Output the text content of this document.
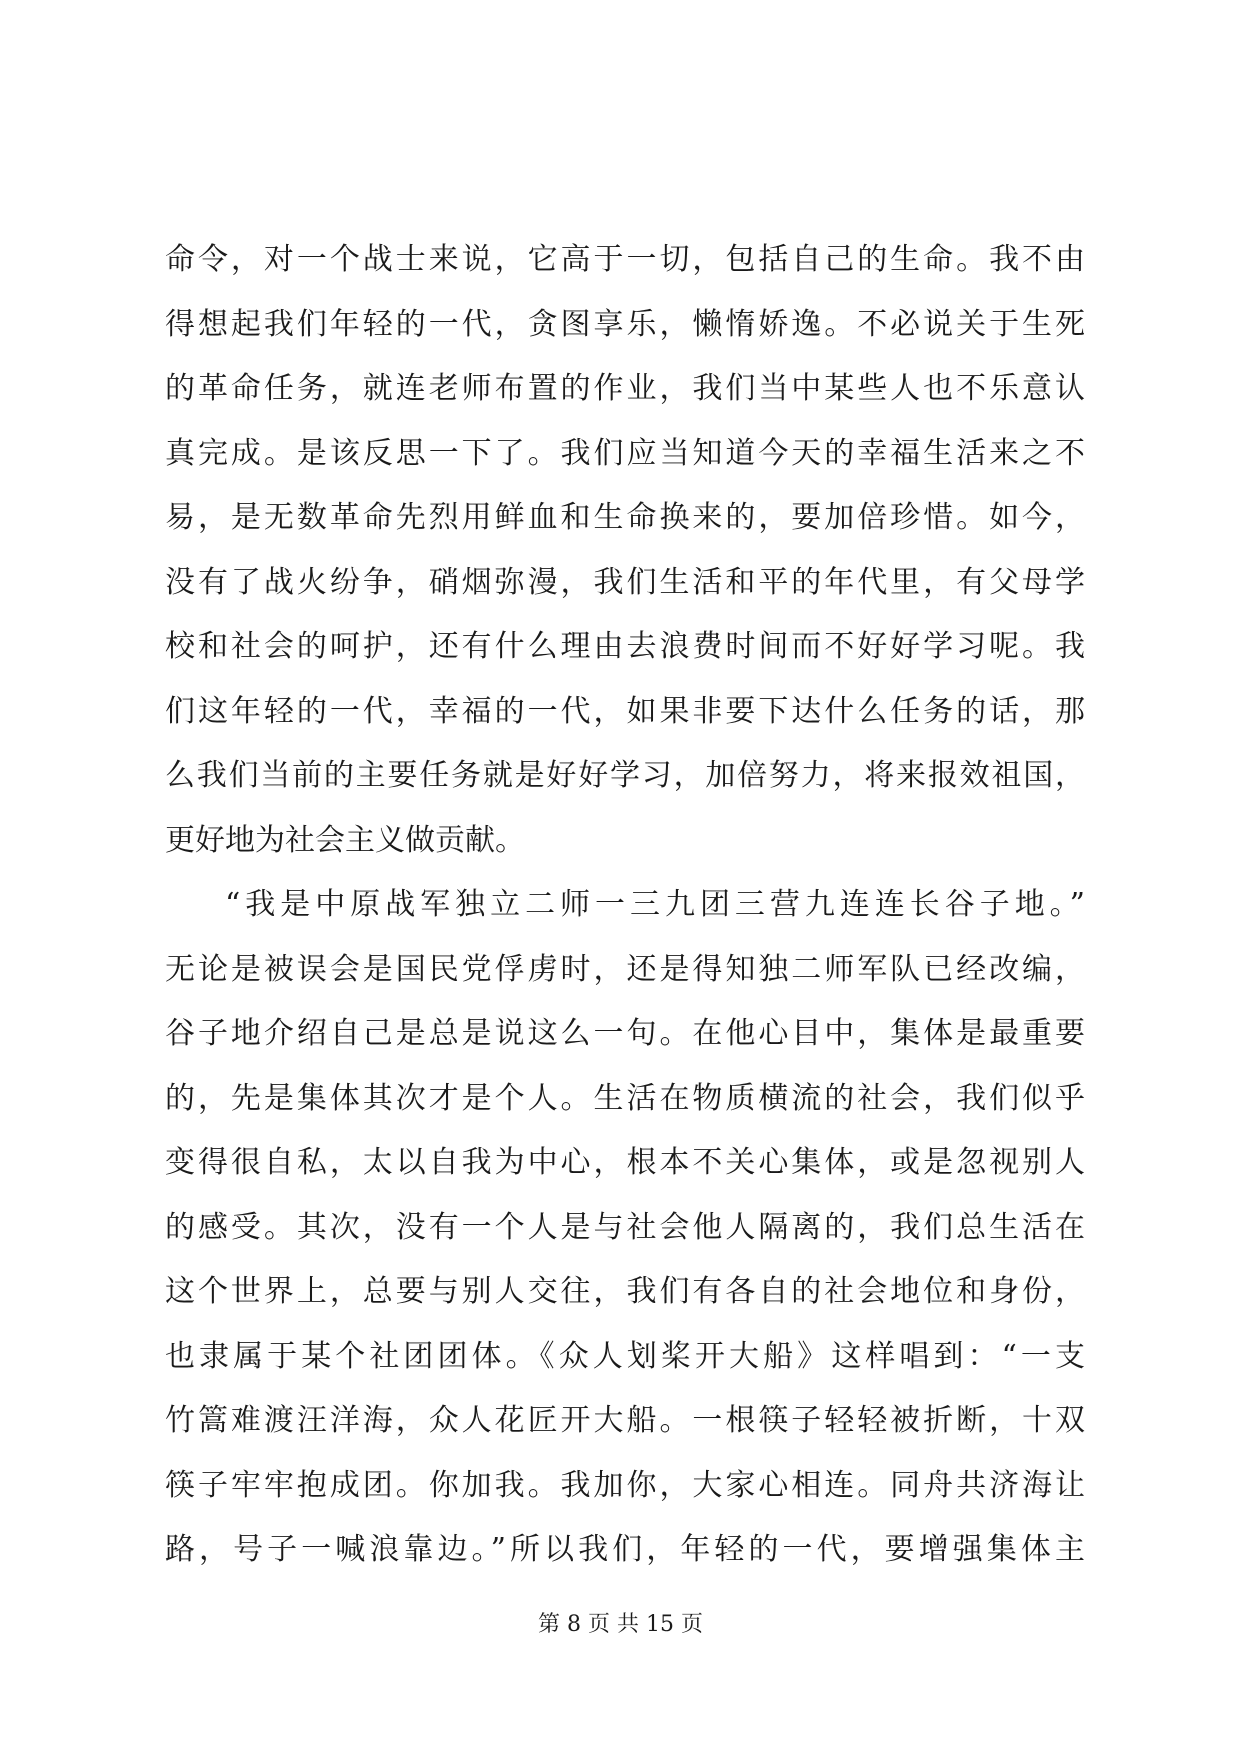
命令，对一个战士来说，它高于一切，包括自己的生命。我不由
得想起我们年轻的一代，贪图享乐，懒惰娇逸。不必说关于生死
的革命任务，就连老师布置的作业，我们当中某些人也不乐意认
真完成。是该反思一下了。我们应当知道今天的幸福生活来之不
易，是无数革命先烈用鲜血和生命换来的，要加倍珍惜。如今，
没有了战火纷争，硝烟弥漫，我们生活和平的年代里，有父母学
校和社会的呵护，还有什么理由去浪费时间而不好好学习呢。我
们这年轻的一代，幸福的一代，如果非要下达什么任务的话，那
么我们当前的主要任务就是好好学习，加倍努力，将来报效祖国，
更好地为社会主义做贡献。
“我是中原战军独立二师一三九团三营九连连长谷子地。”
无论是被误会是国民党俘虏时，还是得知独二师军队已经改编，
谷子地介绍自己是总是说这么一句。在他心目中，集体是最重要
的，先是集体其次才是个人。生活在物质横流的社会，我们似乎
变得很自私，太以自我为中心，根本不关心集体，或是忽视别人
的感受。其次，没有一个人是与社会他人隔离的，我们总生活在
这个世界上，总要与别人交往，我们有各自的社会地位和身份，
也隶属于某个社团团体。《众人划桨开大船》这样唱到：“一支
竹篙难渡汪洋海，众人花匠开大船。一根筷子轻轻被折断，十双
筷子牢牢抱成团。你加我。我加你，大家心相连。同舟共济海让
路，号子一喊浪靠边。”所以我们，年轻的一代，要增强集体主
第 8 页 共 15 页
